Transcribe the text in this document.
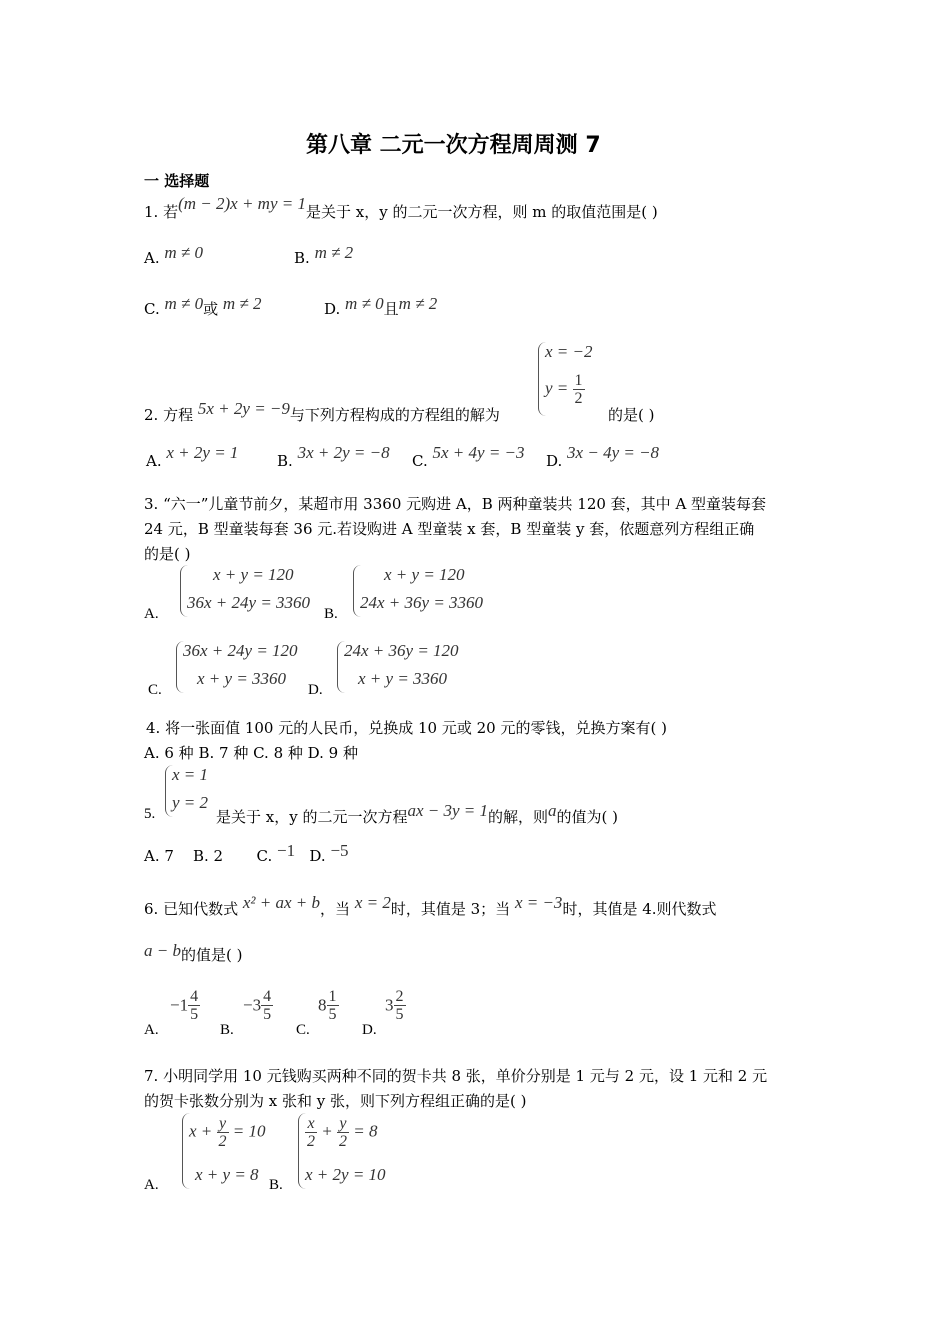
第八章 二元一次方程周周测 7
一 选择题
1. 若(m − 2)x + my = 1是关于 x，y 的二元一次方程，则 m 的取值范围是( )
A. m ≠ 0	B. m ≠ 2
C. m ≠ 0或 m ≠ 2	D. m ≠ 0且m ≠ 2
2. 方程 5x + 2y = −9与下列方程构成的方程组的解为
x = −2
$y = \frac{1}{2}$
的是( )
A. x + 2y = 1	B. 3x + 2y = −8 C. 5x + 4y = −3 D. 3x − 4y = −8
3. “六一”儿童节前夕，某超市用 3360 元购进 A，B 两种童装共 120 套，其中 A 型童装每套
24 元，B 型童装每套 36 元.若设购进 A 型童装 x 套，B 型童装 y 套，依题意列方程组正确
的是( )
A.
x + y = 120
36x + 24y = 3360
B.
x + y = 120
24x + 36y = 3360
C.
36x + 24y = 120
x + y = 3360
D.
24x + 36y = 120
x + y = 3360
4. 将一张面值 100 元的人民币，兑换成 10 元或 20 元的零钱，兑换方案有( )
A. 6 种 B. 7 种 C. 8 种 D. 9 种
x = 1
y = 2
5.	是关于 x，y 的二元一次方程ax − 3y = 1的解，则a的值为( )
A. 7 B. 2 C. −1 D. −5
6. 已知代数式 x² + ax + b，当 x = 2时，其值是 3；当 x = −3时，其值是 4.则代数式
a − b的值是( )
A.
$-1 \frac{4}{5}$
B.
$-3 \frac{4}{5}$
C.
$8 \frac{1}{5}$
D.
$3 \frac{2}{5}$
7. 小明同学用 10 元钱购买两种不同的贺卡共 8 张，单价分别是 1 元与 2 元，设 1 元和 2 元
的贺卡张数分别为 x 张和 y 张，则下列方程组正确的是( )
A.
$x + \frac{y}{2} = 10$
x + y = 8
B.
$\frac{x}{2} + \frac{y}{2} = 8$
x + 2y = 10
